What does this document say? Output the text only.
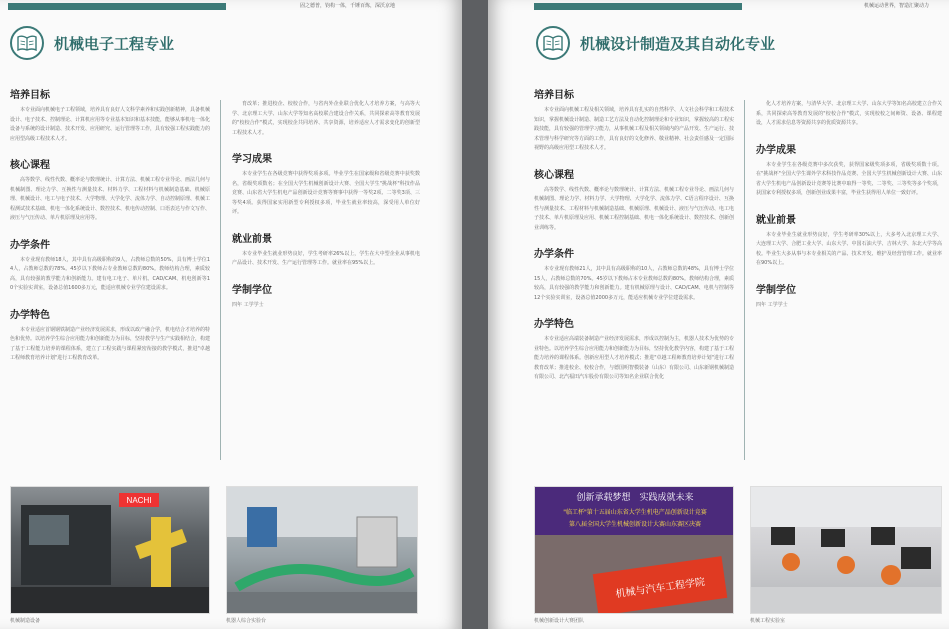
固之德普，钧构一体，千锤百炼，深沃京地
机械电子工程专业
培养目标

本专业面向机械电子工程领域，培养具有良好人文科学素养和实践创新精神，具备机械设计、电子技术、控制理论、计算机应用等专业基本知识和基本技能，能够从事机电一体化设备与系统的设计制造、技术开发、应用研究、运行管理等工作，具有较强工程实践能力的应用型高级工程技术人才。

核心课程

高等数学、线性代数、概率论与数理统计、计算方法、机械工程专业导论、画法几何与机械制图、理论力学、互换性与测量技术、材料力学、工程材料与机械制造基础、机械原理、机械设计、电工与电子技术、大学物理、大学化学、流体力学、自动控制原理、机械工程测试技术基础、机电一体化系统设计、数控技术、机电传动控制、口语表达与作文写作、液压与气压传动、单片机原理及应用等。

办学条件

本专业现有教师18人，其中具有高级职称的9人，占教师总数的50%，具有博士学位14人，占教师总数的78%。45岁以下教师占专业教师总数的80%。教师结构合理，素质较高，具有较强的教学能力和创新能力。建有电工电子、单片机、CAD/CAM、机电创新等10个实验实训室，设备总值1600多万元，能适应机械专业学位建设需求。

办学特色

本专业适应首钢钢铁制造产业经济发展需求，形成以政产融合学，机电结合才培养的特色和优势。以培养学生综合应用能力和创新能力为目标，坚持教学与生产实践相结合，构建了基于工程能力培养的课程体系，建立了工程实践与课程紧密衔接的教学模式，推进"卓越工程师教育培养计划"进行工程教育改革。

育改革；推进校企、校校合作，与省内外企业联合优化人才培养方案，与高等大学、北京理工大学、山东大学等知名高校联合建设合作关系，共同探索高等教育发展的"校校合作"模式，实现校企共同培养、共享资源，培养适应人才需求变化的创新型工程技术人才。

学习成果

本专业学生在各级竞赛中获得奖项多项。毕业学生在国家级和省级竞赛中获奖数名，省级奖项数名；在全国大学生机械创新设计大赛、全国大学生"挑战杯"科技作品竞赛、山东省大学生机电产品创新设计竞赛等赛事中获得一等奖2项、二等奖3项、三等奖4项。获得国家实用新型专利授权多项，毕业生就业率较高，深受用人单位好评。

就业前景

本专业毕业生就业形势良好，学生考研率26%以上，学生在大中型企业从事机电产品设计、技术开发、生产运行管理等工作。就业率在95%以上。

学制学位

四年 工学学士

NACHI
机械制造设备	机器人综合实验台
机械运动世界，智造汇聚动力
机械设计制造及其自动化专业
培养目标

本专业面向机械工程及相关领域，培养具有扎实的自然科学、人文社会科学和工程技术知识，掌握机械设计制造、制造工艺方法及自动化控制理论和专业知识，掌握较高的工程实践技能，具有较强的管理学习能力，从事机械工程及相关领域内的产品开发、生产运行、技术管理与科学研究等方面的工作，具有良好的文化修养、敬业精神、社会责任感及一定国际视野的高级应用型工程技术人才。

核心课程

高等数学、线性代数、概率论与数理统计、计算方法、机械工程专业导论、画法几何与机械制图、理论力学、材料力学、大学物理、大学化学、流体力学、C语言程序设计、互换性与测量技术、工程材料与机械制造基础、机械原理、机械设计、液压与气压传动、电工电子技术、单片机原理及应用、机械工程控制基础、机电一体化系统设计、数控技术、创新创业训练等。

办学条件

本专业现有教师21人，其中具有高级职称的10人，占教师总数的48%，具有博士学位15人，占教师总数的70%。45岁以下教师占本专业教师总数的80%。教师结构合理，素质较高，具有较强的教学能力和创新能力。建有机械原理与设计、CAD/CAM、电机与控制等12个实验实训室，设备总值2000多万元，能适应机械专业学位建设需求。

办学特色

本专业适应高端装备制造产业经济发展需求，形成以控制为主，机器人技术为优势的专业特色。以培养学生综合应用能力和创新能力为目标，坚持优化教学内容，构建了基于工程能力培养的课程体系。创新应用型人才培养模式；推进"卓越工程师教育培养计划"进行工程教育改革；推进校企、校校合作，与德国明智模装备（山东）有限公司、山东新钢机械制造有限公司、北汽福田汽车股份有限公司等知名企业联合优化

化人才培养方案，与清华大学、北京理工大学、山东大学等知名高校建立合作关系，共同探索高等教育发展的"校校合作"模式，实现校校之间师资、设备、课程建设，人才需求信息等资源共享的优质资源共享。

办学成果

本专业学生在各级竞赛中多次获奖，获得国家级奖项多项，省级奖项数十项。在"挑战杯"全国大学生课外学术科技作品竞赛、全国大学生机械创新设计大赛、山东省大学生机电产品创新设计竞赛等比赛中取得一等奖、二等奖、三等奖等多个奖项，获国家专利授权多项，创新创业成果丰富，毕业生获得用人单位一致好评。

就业前景

本专业毕业生就业形势良好，学生考研率30%以上，大多考入北京理工大学、大连理工大学、合肥工业大学、山东大学、中国石油大学、吉林大学、东北大学等高校。毕业生大多从事与本专业相关的产品、技术开发、维护及经营管理工作。就业率在90%以上。

学制学位

四年 工学学士

创新承载梦想　实践成就未来
"临工杯"第十五届山东省大学生机电产品创新设计竞赛
第八届全国大学生机械创新设计大赛山东赛区决赛
机械与汽车工程学院
机械创新设计大赛团队	机械工程实验室
